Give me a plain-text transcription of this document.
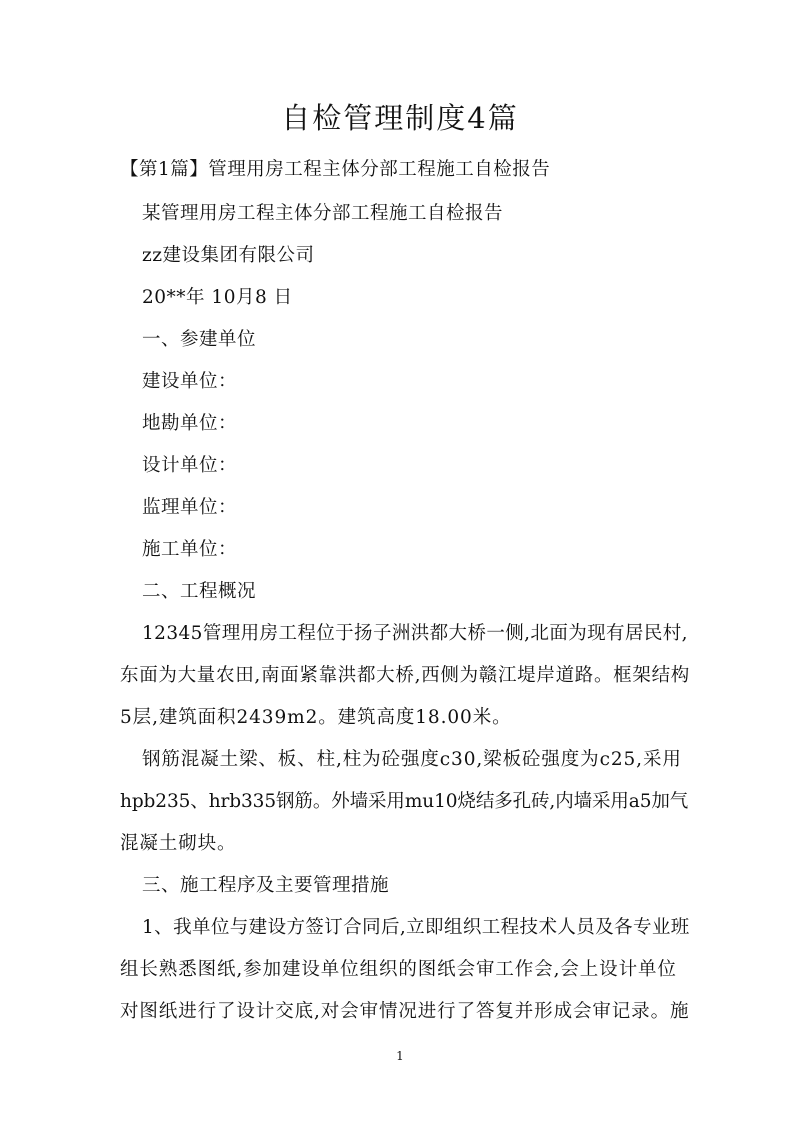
自检管理制度4篇
【第1篇】管理用房工程主体分部工程施工自检报告
某管理用房工程主体分部工程施工自检报告
zz建设集团有限公司
20**年 10月8 日
一、参建单位
建设单位：
地勘单位：
设计单位：
监理单位：
施工单位：
二、工程概况
12345管理用房工程位于扬子洲洪都大桥一侧,北面为现有居民村,
东面为大量农田,南面紧靠洪都大桥,西侧为赣江堤岸道路。框架结构
5层,建筑面积2439m2。建筑高度18.00米。
钢筋混凝土梁、板、柱,柱为砼强度c30,梁板砼强度为c25,采用
hpb235、hrb335钢筋。外墙采用mu10烧结多孔砖,内墙采用a5加气
混凝土砌块。
三、施工程序及主要管理措施
1、我单位与建设方签订合同后,立即组织工程技术人员及各专业班
组长熟悉图纸,参加建设单位组织的图纸会审工作会,会上设计单位
对图纸进行了设计交底,对会审情况进行了答复并形成会审记录。施
1
